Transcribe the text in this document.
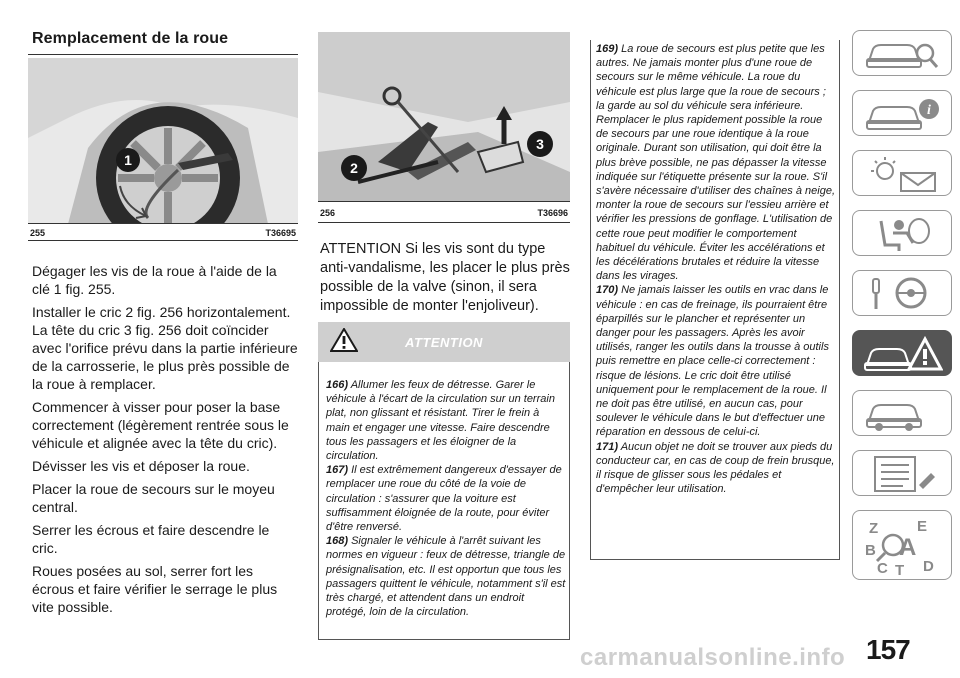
Remplacement de la roue
1
255	T36695

Dégager les vis de la roue à l'aide de la clé 1 fig. 255.

Installer le cric 2 fig. 256 horizontalement. La tête du cric 3 fig. 256 doit coïncider avec l'orifice prévu dans la partie inférieure de la carrosserie, le plus près possible de la roue à remplacer.

Commencer à visser pour poser la base correctement (légèrement rentrée sous le véhicule et alignée avec la tête du cric).

Dévisser les vis et déposer la roue.

Placer la roue de secours sur le moyeu central.

Serrer les écrous et faire descendre le cric.

Roues posées au sol, serrer fort les écrous et faire vérifier le serrage le plus vite possible.

2
3
256	T36696
ATTENTION Si les vis sont du type anti-vandalisme, les placer le plus près possible de la valve (sinon, il sera impossible de monter l'enjoliveur).
ATTENTION
166) Allumer les feux de détresse. Garer le véhicule à l'écart de la circulation sur un terrain plat, non glissant et résistant. Tirer le frein à main et engager une vitesse. Faire descendre tous les passagers et les éloigner de la circulation.
167) Il est extrêmement dangereux d'essayer de remplacer une roue du côté de la voie de circulation : s'assurer que la voiture est suffisamment éloignée de la route, pour éviter d'être renversé.
168) Signaler le véhicule à l'arrêt suivant les normes en vigueur : feux de détresse, triangle de présignalisation, etc. Il est opportun que tous les passagers quittent le véhicule, notamment s'il est très chargé, et attendent dans un endroit protégé, loin de la circulation.
169) La roue de secours est plus petite que les autres. Ne jamais monter plus d'une roue de secours sur le même véhicule. La roue du véhicule est plus large que la roue de secours ; la garde au sol du véhicule sera inférieure. Remplacer le plus rapidement possible la roue de secours par une roue identique à la roue originale. Durant son utilisation, qui doit être la plus brève possible, ne pas dépasser la vitesse indiquée sur l'étiquette présente sur la roue. S'il s'avère nécessaire d'utiliser des chaînes à neige, monter la roue de secours sur l'essieu arrière et vérifier les pressions de gonflage. L'utilisation de cette roue peut modifier le comportement habituel du véhicule. Éviter les accélérations et les décélérations brutales et réduire la vitesse dans les virages.
170) Ne jamais laisser les outils en vrac dans le véhicule : en cas de freinage, ils pourraient être éparpillés sur le plancher et représenter un danger pour les passagers. Après les avoir utilisés, ranger les outils dans la trousse à outils puis remettre en place celle-ci correctement : risque de lésions. Le cric doit être utilisé uniquement pour le remplacement de la roue. Il ne doit pas être utilisé, en aucun cas, pour soulever le véhicule dans le but d'effectuer une réparation en dessous de celui-ci.
171) Aucun objet ne doit se trouver aux pieds du conducteur car, en cas de coup de frein brusque, il risque de glisser sous les pédales et d'empêcher leur utilisation.
i
Z	E
B A
C T D
157
carmanualsonline.info
